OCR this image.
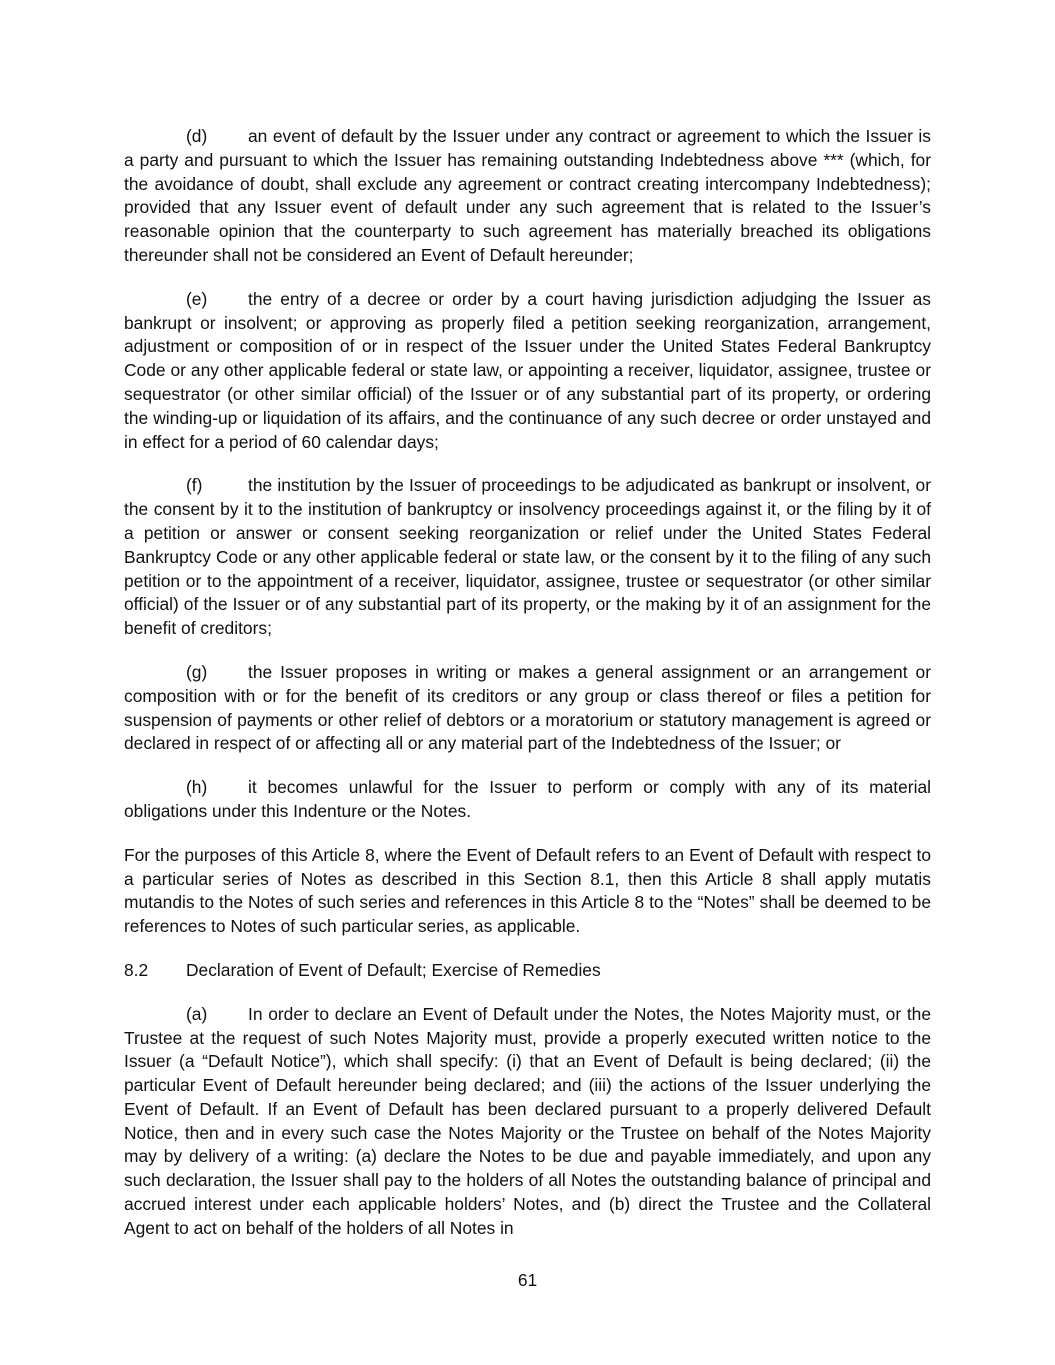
(d) an event of default by the Issuer under any contract or agreement to which the Issuer is a party and pursuant to which the Issuer has remaining outstanding Indebtedness above *** (which, for the avoidance of doubt, shall exclude any agreement or contract creating intercompany Indebtedness); provided that any Issuer event of default under any such agreement that is related to the Issuer’s reasonable opinion that the counterparty to such agreement has materially breached its obligations thereunder shall not be considered an Event of Default hereunder;

(e) the entry of a decree or order by a court having jurisdiction adjudging the Issuer as bankrupt or insolvent; or approving as properly filed a petition seeking reorganization, arrangement, adjustment or composition of or in respect of the Issuer under the United States Federal Bankruptcy Code or any other applicable federal or state law, or appointing a receiver, liquidator, assignee, trustee or sequestrator (or other similar official) of the Issuer or of any substantial part of its property, or ordering the winding-up or liquidation of its affairs, and the continuance of any such decree or order unstayed and in effect for a period of 60 calendar days;

(f)	the institution by the Issuer of proceedings to be adjudicated as bankrupt or insolvent, or the consent by it to the institution of bankruptcy or insolvency proceedings against it, or the filing by it of a petition or answer or consent seeking reorganization or relief under the United States Federal Bankruptcy Code or any other applicable federal or state law, or the consent by it to the filing of any such petition or to the appointment of a receiver, liquidator, assignee, trustee or sequestrator (or other similar official) of the Issuer or of any substantial part of its property, or the making by it of an assignment for the benefit of creditors;

(g) the Issuer proposes in writing or makes a general assignment or an arrangement or composition with or for the benefit of its creditors or any group or class thereof or files a petition for suspension of payments or other relief of debtors or a moratorium or statutory management is agreed or declared in respect of or affecting all or any material part of the Indebtedness of the Issuer; or

(h) it becomes unlawful for the Issuer to perform or comply with any of its material obligations under this Indenture or the Notes.

For the purposes of this Article 8, where the Event of Default refers to an Event of Default with respect to a particular series of Notes as described in this Section 8.1, then this Article 8 shall apply mutatis mutandis to the Notes of such series and references in this Article 8 to the “Notes” shall be deemed to be references to Notes of such particular series, as applicable.

8.2 Declaration of Event of Default; Exercise of Remedies

(a) In order to declare an Event of Default under the Notes, the Notes Majority must, or the Trustee at the request of such Notes Majority must, provide a properly executed written notice to the Issuer (a “Default Notice”), which shall specify: (i) that an Event of Default is being declared; (ii) the particular Event of Default hereunder being declared; and (iii) the actions of the Issuer underlying the Event of Default. If an Event of Default has been declared pursuant to a properly delivered Default Notice, then and in every such case the Notes Majority or the Trustee on behalf of the Notes Majority may by delivery of a writing: (a) declare the Notes to be due and payable immediately, and upon any such declaration, the Issuer shall pay to the holders of all Notes the outstanding balance of principal and accrued interest under each applicable holders’ Notes, and (b) direct the Trustee and the Collateral Agent to act on behalf of the holders of all Notes in

61
